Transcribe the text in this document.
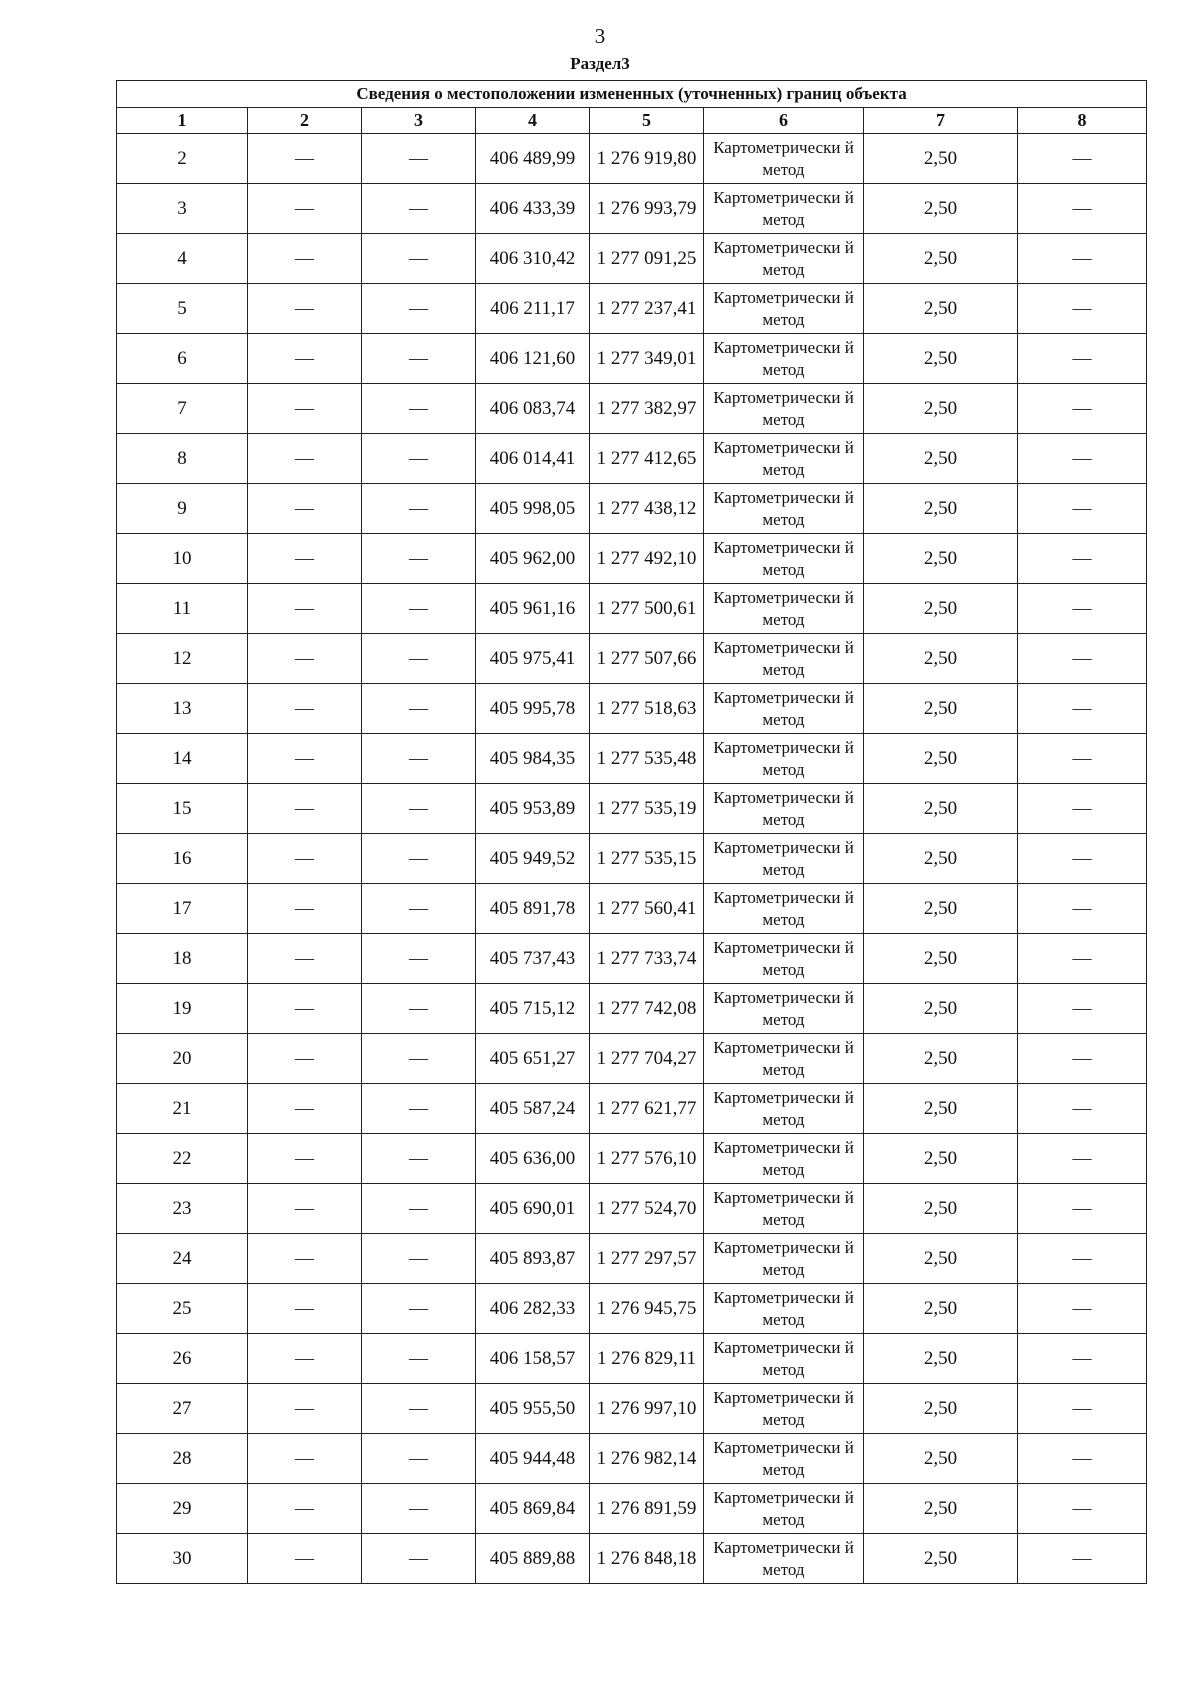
3
Раздел3
Сведения о местоположении измененных (уточненных) границ объекта							
1	2	3	4	5	6	7	8
2	—	—	406 489,99	1 276 919,80	Картометрически й метод	2,50	—
3	—	—	406 433,39	1 276 993,79	Картометрически й метод	2,50	—
4	—	—	406 310,42	1 277 091,25	Картометрически й метод	2,50	—
5	—	—	406 211,17	1 277 237,41	Картометрически й метод	2,50	—
6	—	—	406 121,60	1 277 349,01	Картометрически й метод	2,50	—
7	—	—	406 083,74	1 277 382,97	Картометрически й метод	2,50	—
8	—	—	406 014,41	1 277 412,65	Картометрически й метод	2,50	—
9	—	—	405 998,05	1 277 438,12	Картометрически й метод	2,50	—
10	—	—	405 962,00	1 277 492,10	Картометрически й метод	2,50	—
11	—	—	405 961,16	1 277 500,61	Картометрически й метод	2,50	—
12	—	—	405 975,41	1 277 507,66	Картометрически й метод	2,50	—
13	—	—	405 995,78	1 277 518,63	Картометрически й метод	2,50	—
14	—	—	405 984,35	1 277 535,48	Картометрически й метод	2,50	—
15	—	—	405 953,89	1 277 535,19	Картометрически й метод	2,50	—
16	—	—	405 949,52	1 277 535,15	Картометрически й метод	2,50	—
17	—	—	405 891,78	1 277 560,41	Картометрически й метод	2,50	—
18	—	—	405 737,43	1 277 733,74	Картометрически й метод	2,50	—
19	—	—	405 715,12	1 277 742,08	Картометрически й метод	2,50	—
20	—	—	405 651,27	1 277 704,27	Картометрически й метод	2,50	—
21	—	—	405 587,24	1 277 621,77	Картометрически й метод	2,50	—
22	—	—	405 636,00	1 277 576,10	Картометрически й метод	2,50	—
23	—	—	405 690,01	1 277 524,70	Картометрически й метод	2,50	—
24	—	—	405 893,87	1 277 297,57	Картометрически й метод	2,50	—
25	—	—	406 282,33	1 276 945,75	Картометрически й метод	2,50	—
26	—	—	406 158,57	1 276 829,11	Картометрически й метод	2,50	—
27	—	—	405 955,50	1 276 997,10	Картометрически й метод	2,50	—
28	—	—	405 944,48	1 276 982,14	Картометрически й метод	2,50	—
29	—	—	405 869,84	1 276 891,59	Картометрически й метод	2,50	—
30	—	—	405 889,88	1 276 848,18	Картометрически й метод	2,50	—
